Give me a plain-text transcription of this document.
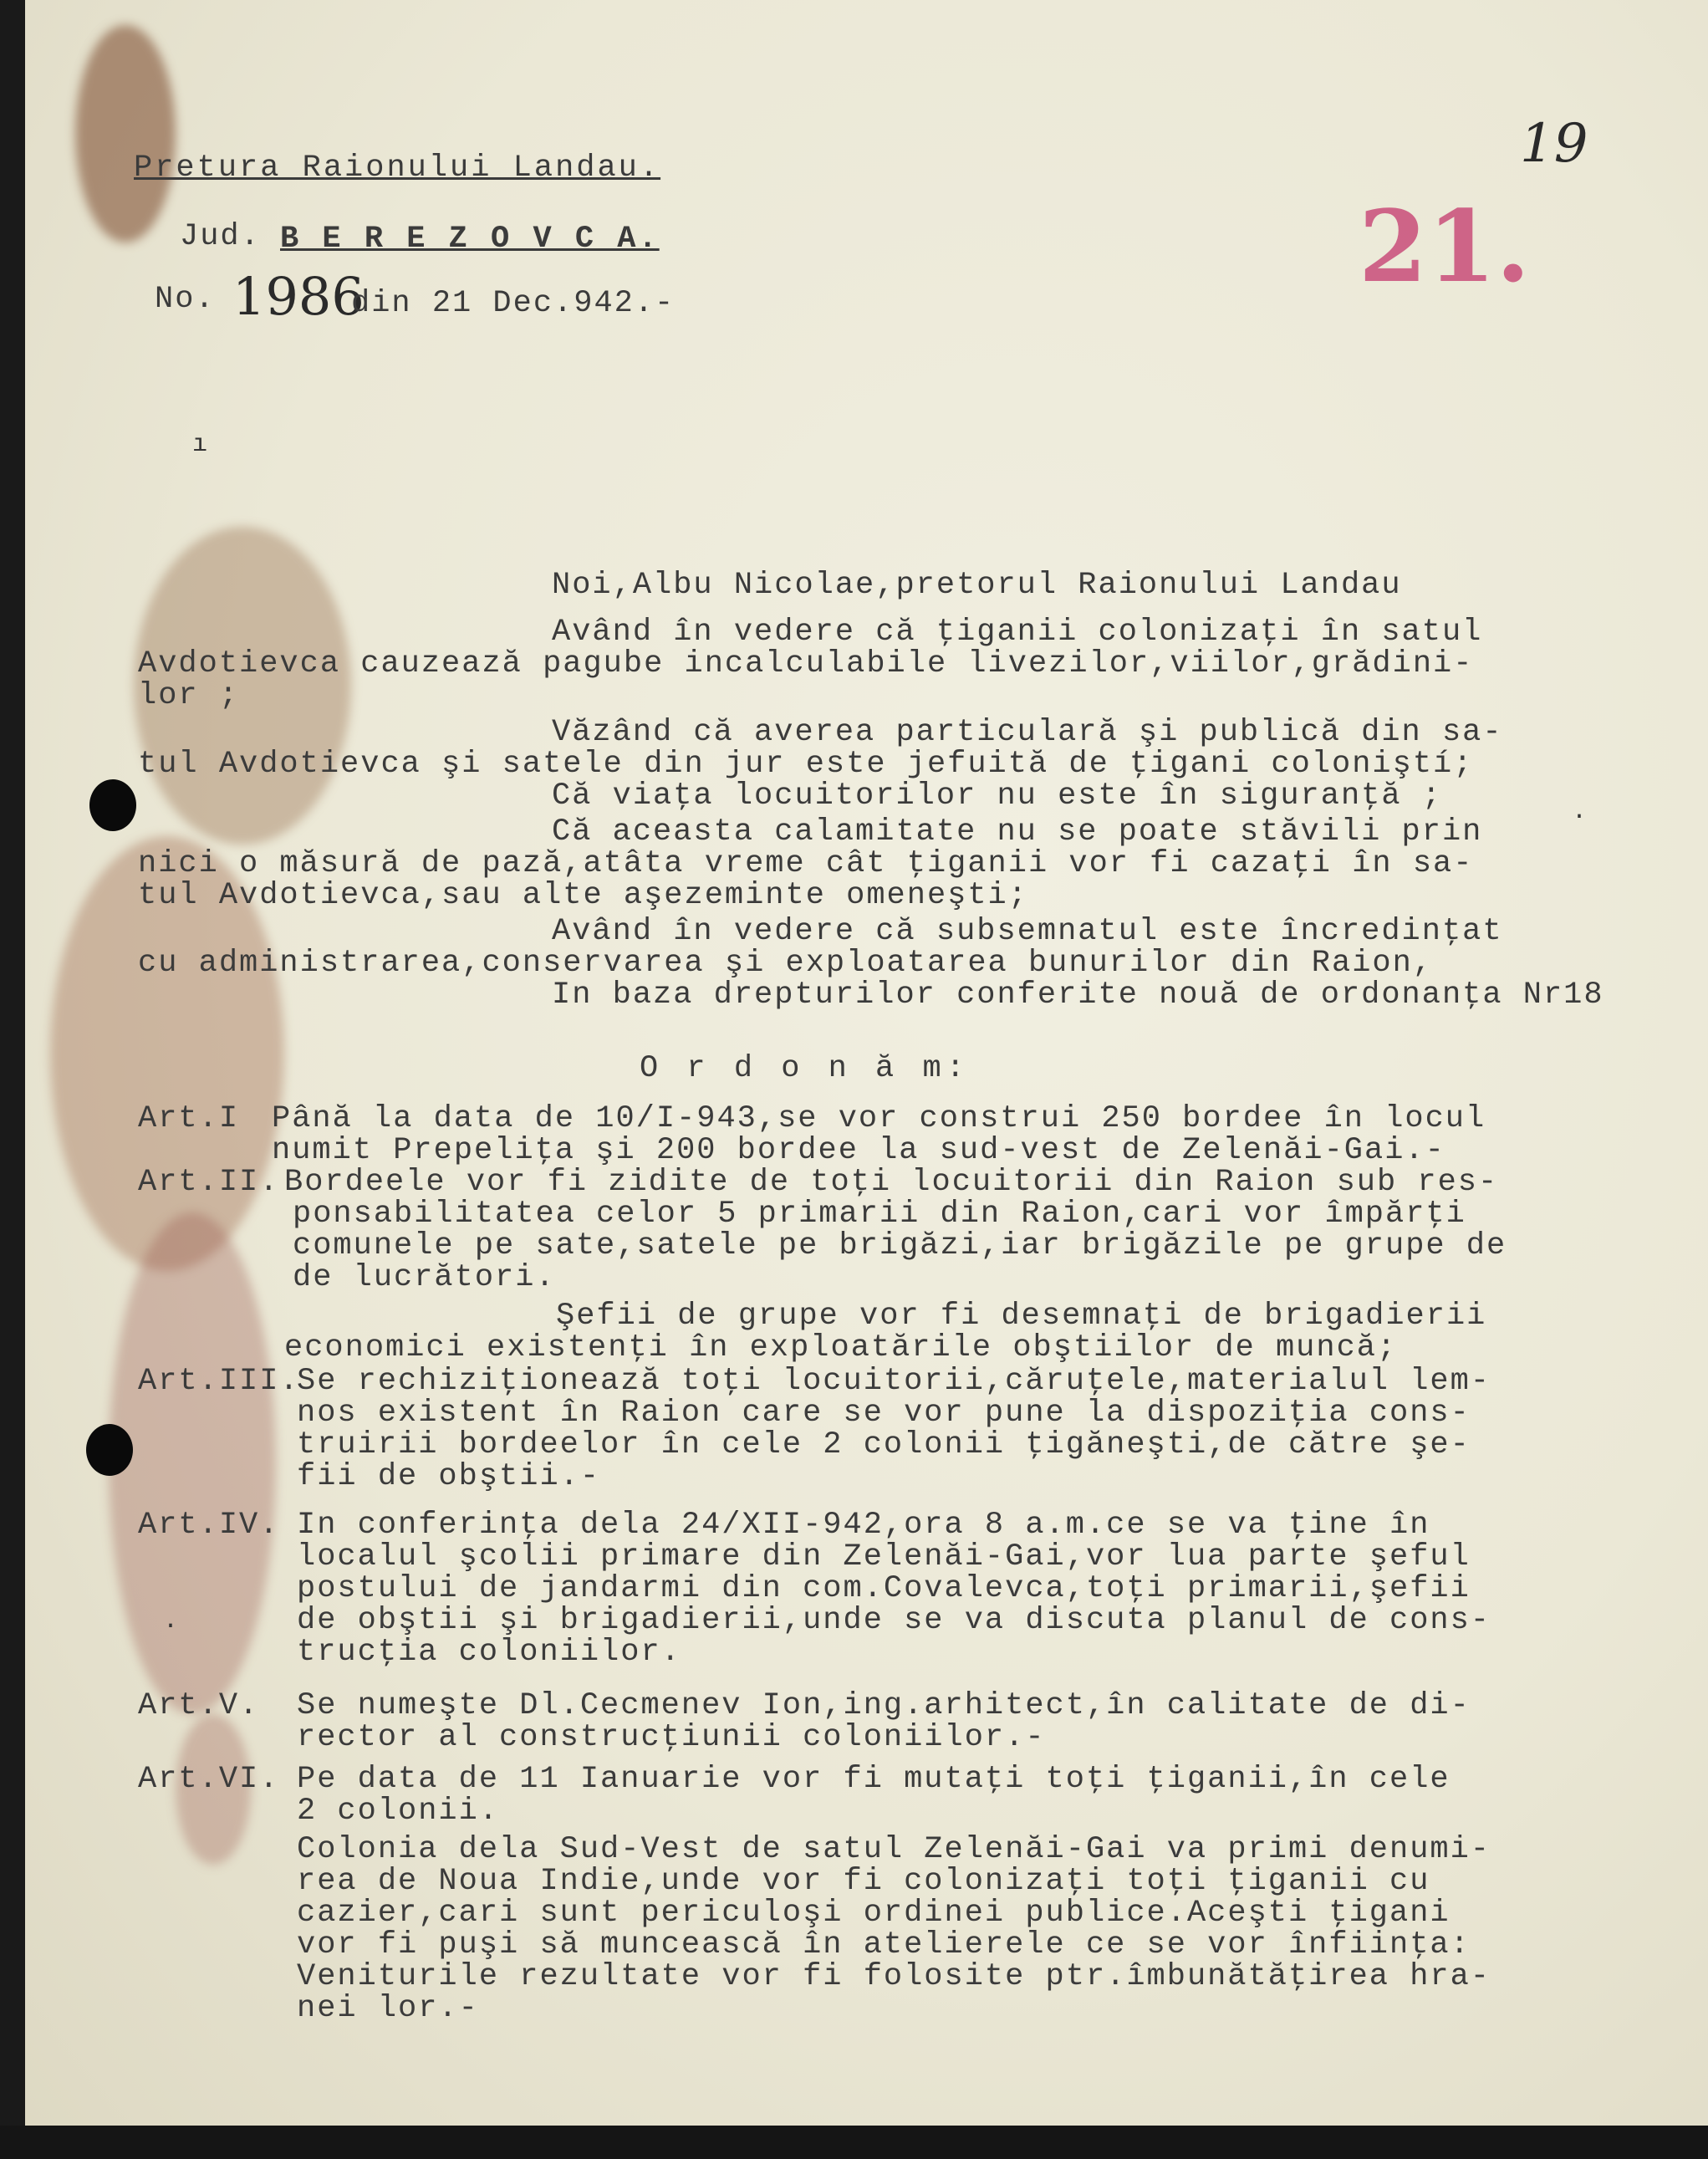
Pretura Raionului Landau.
Jud. B E R E Z O V C A.
No. 1986
din 21 Dec.942.-
19
21.
ı
Noi,Albu Nicolae,pretorul Raionului Landau
Având în vedere că ţiganii colonizaţi în satul
Avdotievca cauzează pagube incalculabile livezilor,viilor,grădini-
lor ;
Văzând că averea particulară şi publică din sa-
tul Avdotievca şi satele din jur este jefuită de ţigani coloniştí;
Că viaţa locuitorilor nu este în siguranţă ;
Că aceasta calamitate nu se poate stăvili prin
nici o măsură de pază,atâta vreme cât ţiganii vor fi cazaţi în sa-
tul Avdotievca,sau alte aşezeminte omeneşti;
Având în vedere că subsemnatul este încredinţat
cu administrarea,conservarea şi exploatarea bunurilor din Raion,
In baza drepturilor conferite nouă de ordonanţa Nr18
·
O r d o n ă m:
Art.I Până la data de 10/I-943,se vor construi 250 bordee în locul
numit Prepeliţa şi 200 bordee la sud-vest de Zelenăi-Gai.-
Art.II. Bordeele vor fi zidite de toţi locuitorii din Raion sub res-
ponsabilitatea celor 5 primarii din Raion,cari vor împărţi
comunele pe sate,satele pe brigăzi,iar brigăzile pe grupe de
de lucrători.
Şefii de grupe vor fi desemnaţi de brigadierii
economici existenţi în exploatările obştiilor de muncă;
Art.III.
Se rechiziţionează toţi locuitorii,căruţele,materialul lem-
nos existent în Raion care se vor pune la dispoziţia cons-
truirii bordeelor în cele 2 colonii ţigăneşti,de către şe-
fii de obştii.-
Art.IV. In conferinţa dela 24/XII-942,ora 8 a.m.ce se va ţine în
localul şcolii primare din Zelenăi-Gai,vor lua parte şeful
postului de jandarmi din com.Covalevca,toţi primarii,şefii
de obştii şi brigadierii,unde se va discuta planul de cons-
trucţia coloniilor.
·
Art.V. Se numeşte Dl.Cecmenev Ion,ing.arhitect,în calitate de di-
rector al construcţiunii coloniilor.-
Art.VI. Pe data de 11 Ianuarie vor fi mutaţi toţi ţiganii,în cele
2 colonii.
Colonia dela Sud-Vest de satul Zelenăi-Gai va primi denumi-
rea de Noua Indie,unde vor fi colonizaţi toţi ţiganii cu
cazier,cari sunt periculoşi ordinei publice.Aceşti ţigani
vor fi puşi să muncească în atelierele ce se vor înfiinţa:
Veniturile rezultate vor fi folosite ptr.îmbunătăţirea hra-
nei lor.-
